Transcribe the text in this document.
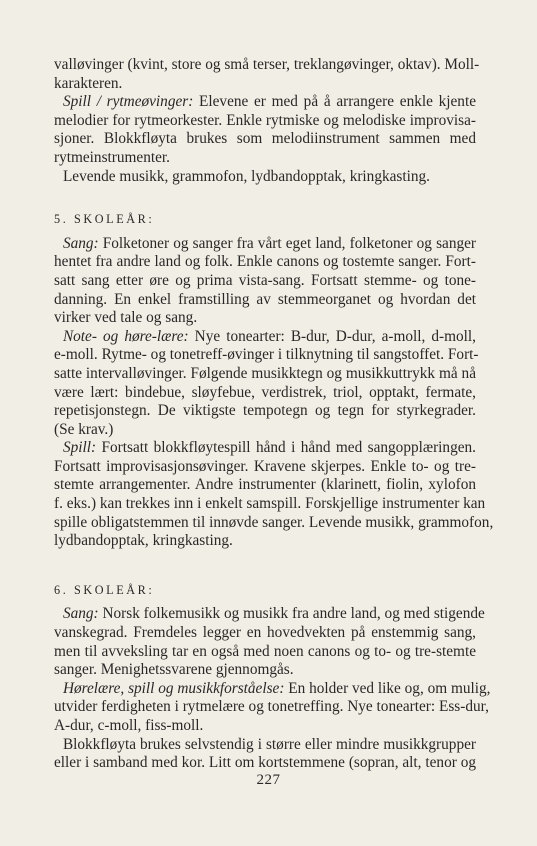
valløvinger (kvint, store og små terser, treklangøvinger, oktav). Moll-
karakteren.

  Spill / rytmeøvinger: Elevene er med på å arrangere enkle kjente
melodier for rytmeorkester. Enkle rytmiske og melodiske improvisa-
sjoner. Blokkfløyta brukes som melodiinstrument sammen med
rytmeinstrumenter.

  Levende musikk, grammofon, lydbandopptak, kringkasting.

5. SKOLEÅR:

  Sang: Folketoner og sanger fra vårt eget land, folketoner og sanger
hentet fra andre land og folk. Enkle canons og tostemte sanger. Fort-
satt sang etter øre og prima vista-sang. Fortsatt stemme- og tone-
danning. En enkel framstilling av stemmeorganet og hvordan det
virker ved tale og sang.

  Note- og høre-lære: Nye tonearter: B-dur, D-dur, a-moll, d-moll,
e-moll. Rytme- og tonetreff-øvinger i tilknytning til sangstoffet. Fort-
satte intervalløvinger. Følgende musikktegn og musikkuttrykk må nå
være lært: bindebue, sløyfebue, verdistrek, triol, opptakt, fermate,
repetisjonstegn. De viktigste tempotegn og tegn for styrkegrader.
(Se krav.)

  Spill: Fortsatt blokkfløytespill hånd i hånd med sangopplæringen.
Fortsatt improvisasjonsøvinger. Kravene skjerpes. Enkle to- og tre-
stemte arrangementer. Andre instrumenter (klarinett, fiolin, xylofon
f. eks.) kan trekkes inn i enkelt samspill. Forskjellige instrumenter kan
spille obligatstemmen til innøvde sanger. Levende musikk, grammofon,
lydbandopptak, kringkasting.

6. SKOLEÅR:

  Sang: Norsk folkemusikk og musikk fra andre land, og med stigende
vanskegrad. Fremdeles legger en hovedvekten på enstemmig sang,
men til avveksling tar en også med noen canons og to- og tre-stemte
sanger. Menighetssvarene gjennomgås.

  Hørelære, spill og musikkforståelse: En holder ved like og, om mulig,
utvider ferdigheten i rytmelære og tonetreffing. Nye tonearter: Ess-dur,
A-dur, c-moll, fiss-moll.

  Blokkfløyta brukes selvstendig i større eller mindre musikkgrupper
eller i samband med kor. Litt om kortstemmene (sopran, alt, tenor og

227
